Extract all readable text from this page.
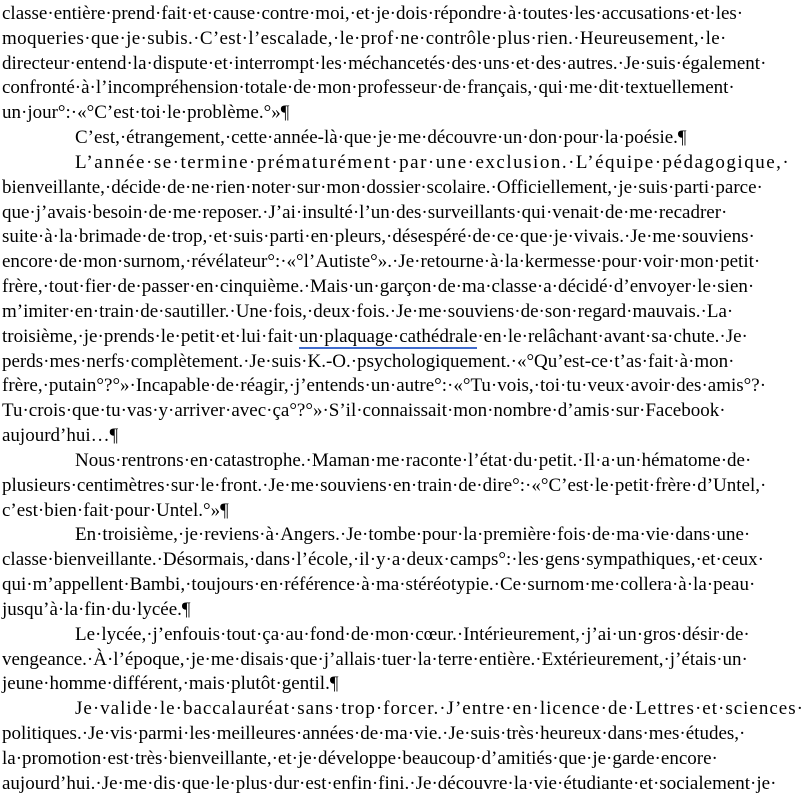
classe·entière·prend·fait·et·cause·contre·moi,·et·je·dois·répondre·à·toutes·les·accusations·et·les·
moqueries·que·je·subis.·C’est·l’escalade,·le·prof·ne·contrôle·plus·rien.·Heureusement,·le·
directeur·entend·la·dispute·et·interrompt·les·méchancetés·des·uns·et·des·autres.·Je·suis·également·
confronté·à·l’incompréhension·totale·de·mon·professeur·de·français,·qui·me·dit·textuellement·
un·jour°:·«°C’est·toi·le·problème.°»¶
C’est,·étrangement,·cette·année-là·que·je·me·découvre·un·don·pour·la·poésie.¶
L’année·se·termine·prématurément·par·une·exclusion.·L’équipe·pédagogique,·
bienveillante,·décide·de·ne·rien·noter·sur·mon·dossier·scolaire.·Officiellement,·je·suis·parti·parce·
que·j’avais·besoin·de·me·reposer.·J’ai·insulté·l’un·des·surveillants·qui·venait·de·me·recadrer·
suite·à·la·brimade·de·trop,·et·suis·parti·en·pleurs,·désespéré·de·ce·que·je·vivais.·Je·me·souviens·
encore·de·mon·surnom,·révélateur°:·«°l’Autiste°».·Je·retourne·à·la·kermesse·pour·voir·mon·petit·
frère,·tout·fier·de·passer·en·cinquième.·Mais·un·garçon·de·ma·classe·a·décidé·d’envoyer·le·sien·
m’imiter·en·train·de·sautiller.·Une·fois,·deux·fois.·Je·me·souviens·de·son·regard·mauvais.·La·
troisième,·je·prends·le·petit·et·lui·fait·un·plaquage·cathédrale·en·le·relâchant·avant·sa·chute.·Je·
perds·mes·nerfs·complètement.·Je·suis·K.-O.·psychologiquement.·«°Qu’est-ce·t’as·fait·à·mon·
frère,·putain°?°»·Incapable·de·réagir,·j’entends·un·autre°:·«°Tu·vois,·toi·tu·veux·avoir·des·amis°?·
Tu·crois·que·tu·vas·y·arriver·avec·ça°?°»·S’il·connaissait·mon·nombre·d’amis·sur·Facebook·
aujourd’hui…¶
Nous·rentrons·en·catastrophe.·Maman·me·raconte·l’état·du·petit.·Il·a·un·hématome·de·
plusieurs·centimètres·sur·le·front.·Je·me·souviens·en·train·de·dire°:·«°C’est·le·petit·frère·d’Untel,·
c’est·bien·fait·pour·Untel.°»¶
En·troisième,·je·reviens·à·Angers.·Je·tombe·pour·la·première·fois·de·ma·vie·dans·une·
classe·bienveillante.·Désormais,·dans·l’école,·il·y·a·deux·camps°:·les·gens·sympathiques,·et·ceux·
qui·m’appellent·Bambi,·toujours·en·référence·à·ma·stéréotypie.·Ce·surnom·me·collera·à·la·peau·
jusqu’à·la·fin·du·lycée.¶
Le·lycée,·j’enfouis·tout·ça·au·fond·de·mon·cœur.·Intérieurement,·j’ai·un·gros·désir·de·
vengeance.·À·l’époque,·je·me·disais·que·j’allais·tuer·la·terre·entière.·Extérieurement,·j’étais·un·
jeune·homme·différent,·mais·plutôt·gentil.¶
Je·valide·le·baccalauréat·sans·trop·forcer.·J’entre·en·licence·de·Lettres·et·sciences·
politiques.·Je·vis·parmi·les·meilleures·années·de·ma·vie.·Je·suis·très·heureux·dans·mes·études,·
la·promotion·est·très·bienveillante,·et·je·développe·beaucoup·d’amitiés·que·je·garde·encore·
aujourd’hui.·Je·me·dis·que·le·plus·dur·est·enfin·fini.·Je·découvre·la·vie·étudiante·et·socialement·je·
